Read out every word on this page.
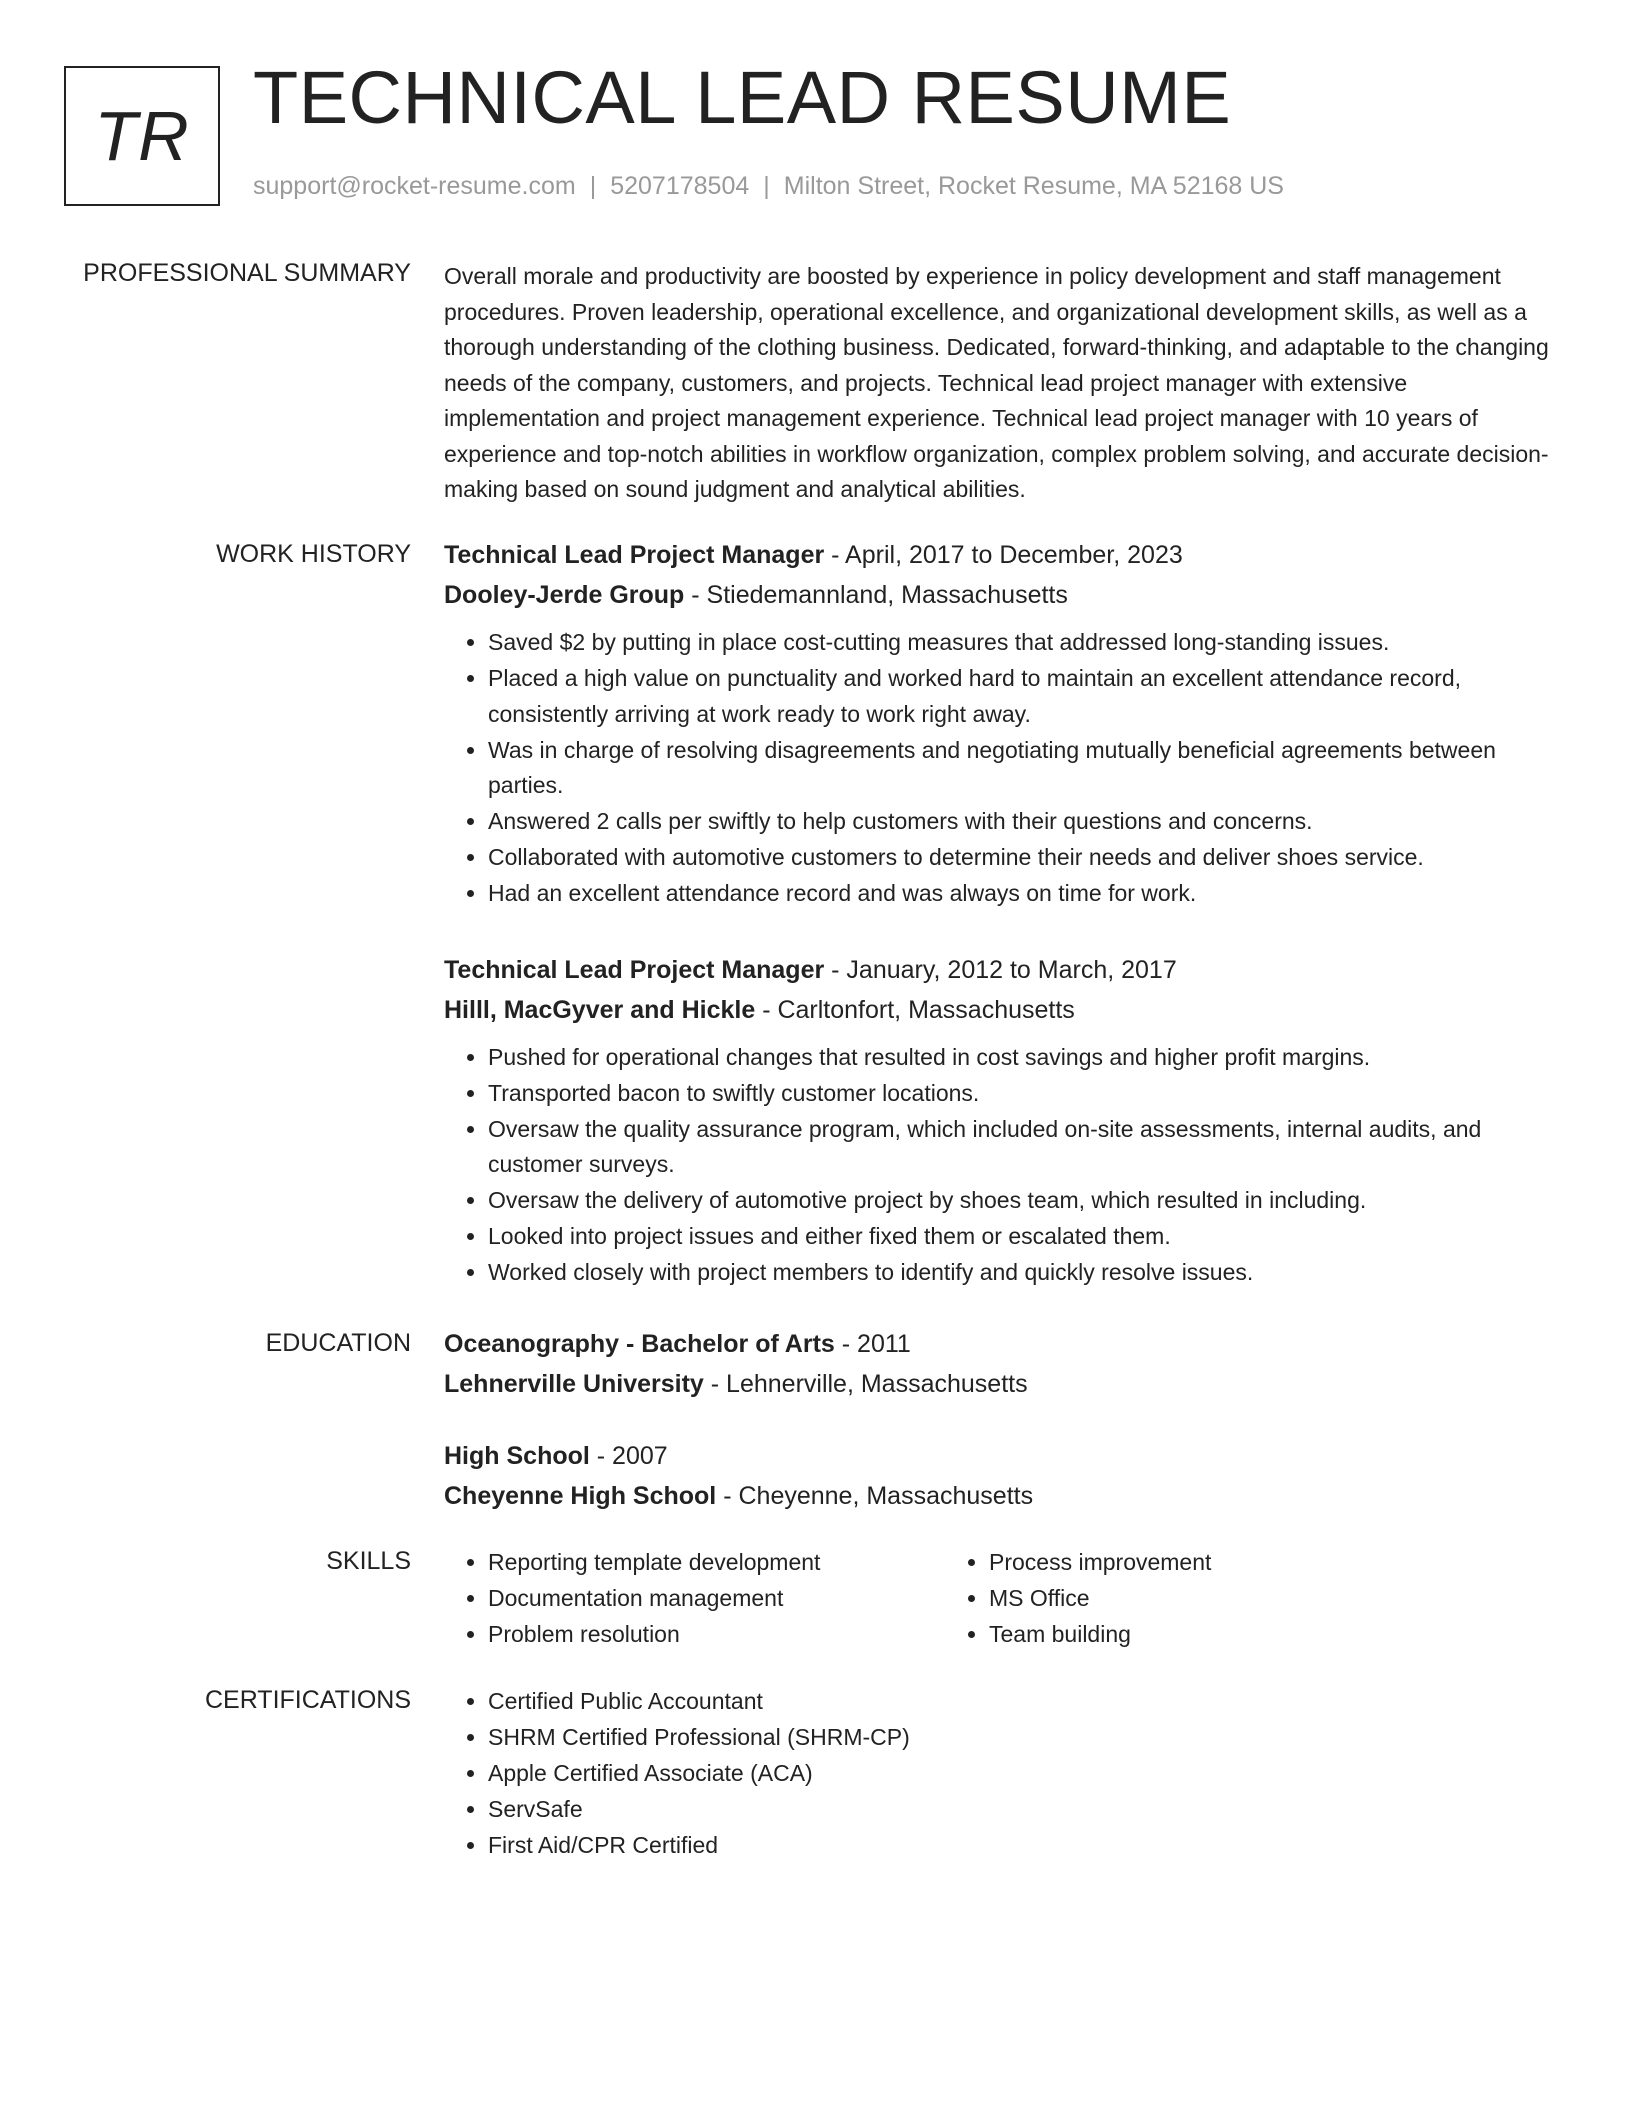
TR TECHNICAL LEAD RESUME
support@rocket-resume.com | 5207178504 | Milton Street, Rocket Resume, MA 52168 US
PROFESSIONAL SUMMARY Overall morale and productivity are boosted by experience in policy development and staff management procedures. Proven leadership, operational excellence, and organizational development skills, as well as a thorough understanding of the clothing business. Dedicated, forward-thinking, and adaptable to the changing needs of the company, customers, and projects. Technical lead project manager with extensive implementation and project management experience. Technical lead project manager with 10 years of experience and top-notch abilities in workflow organization, complex problem solving, and accurate decision-making based on sound judgment and analytical abilities.

WORK HISTORY Technical Lead Project Manager - April, 2017 to December, 2023
Dooley-Jerde Group - Stiedemannland, Massachusetts
• Saved $2 by putting in place cost-cutting measures that addressed long-standing issues.
• Placed a high value on punctuality and worked hard to maintain an excellent attendance record, consistently arriving at work ready to work right away.
• Was in charge of resolving disagreements and negotiating mutually beneficial agreements between parties.
• Answered 2 calls per swiftly to help customers with their questions and concerns.
• Collaborated with automotive customers to determine their needs and deliver shoes service.
• Had an excellent attendance record and was always on time for work.
Technical Lead Project Manager - January, 2012 to March, 2017
Hilll, MacGyver and Hickle - Carltonfort, Massachusetts
• Pushed for operational changes that resulted in cost savings and higher profit margins.
• Transported bacon to swiftly customer locations.
• Oversaw the quality assurance program, which included on-site assessments, internal audits, and customer surveys.
• Oversaw the delivery of automotive project by shoes team, which resulted in including.
• Looked into project issues and either fixed them or escalated them.
• Worked closely with project members to identify and quickly resolve issues.
EDUCATION Oceanography - Bachelor of Arts - 2011
Lehnerville University - Lehnerville, Massachusetts
High School - 2007
Cheyenne High School - Cheyenne, Massachusetts
SKILLS	• Reporting template development
• Documentation management
• Problem resolution
• Process improvement
• MS Office
• Team building
CERTIFICATIONS	• Certified Public Accountant
• SHRM Certified Professional (SHRM-CP)
• Apple Certified Associate (ACA)
• ServSafe
• First Aid/CPR Certified
